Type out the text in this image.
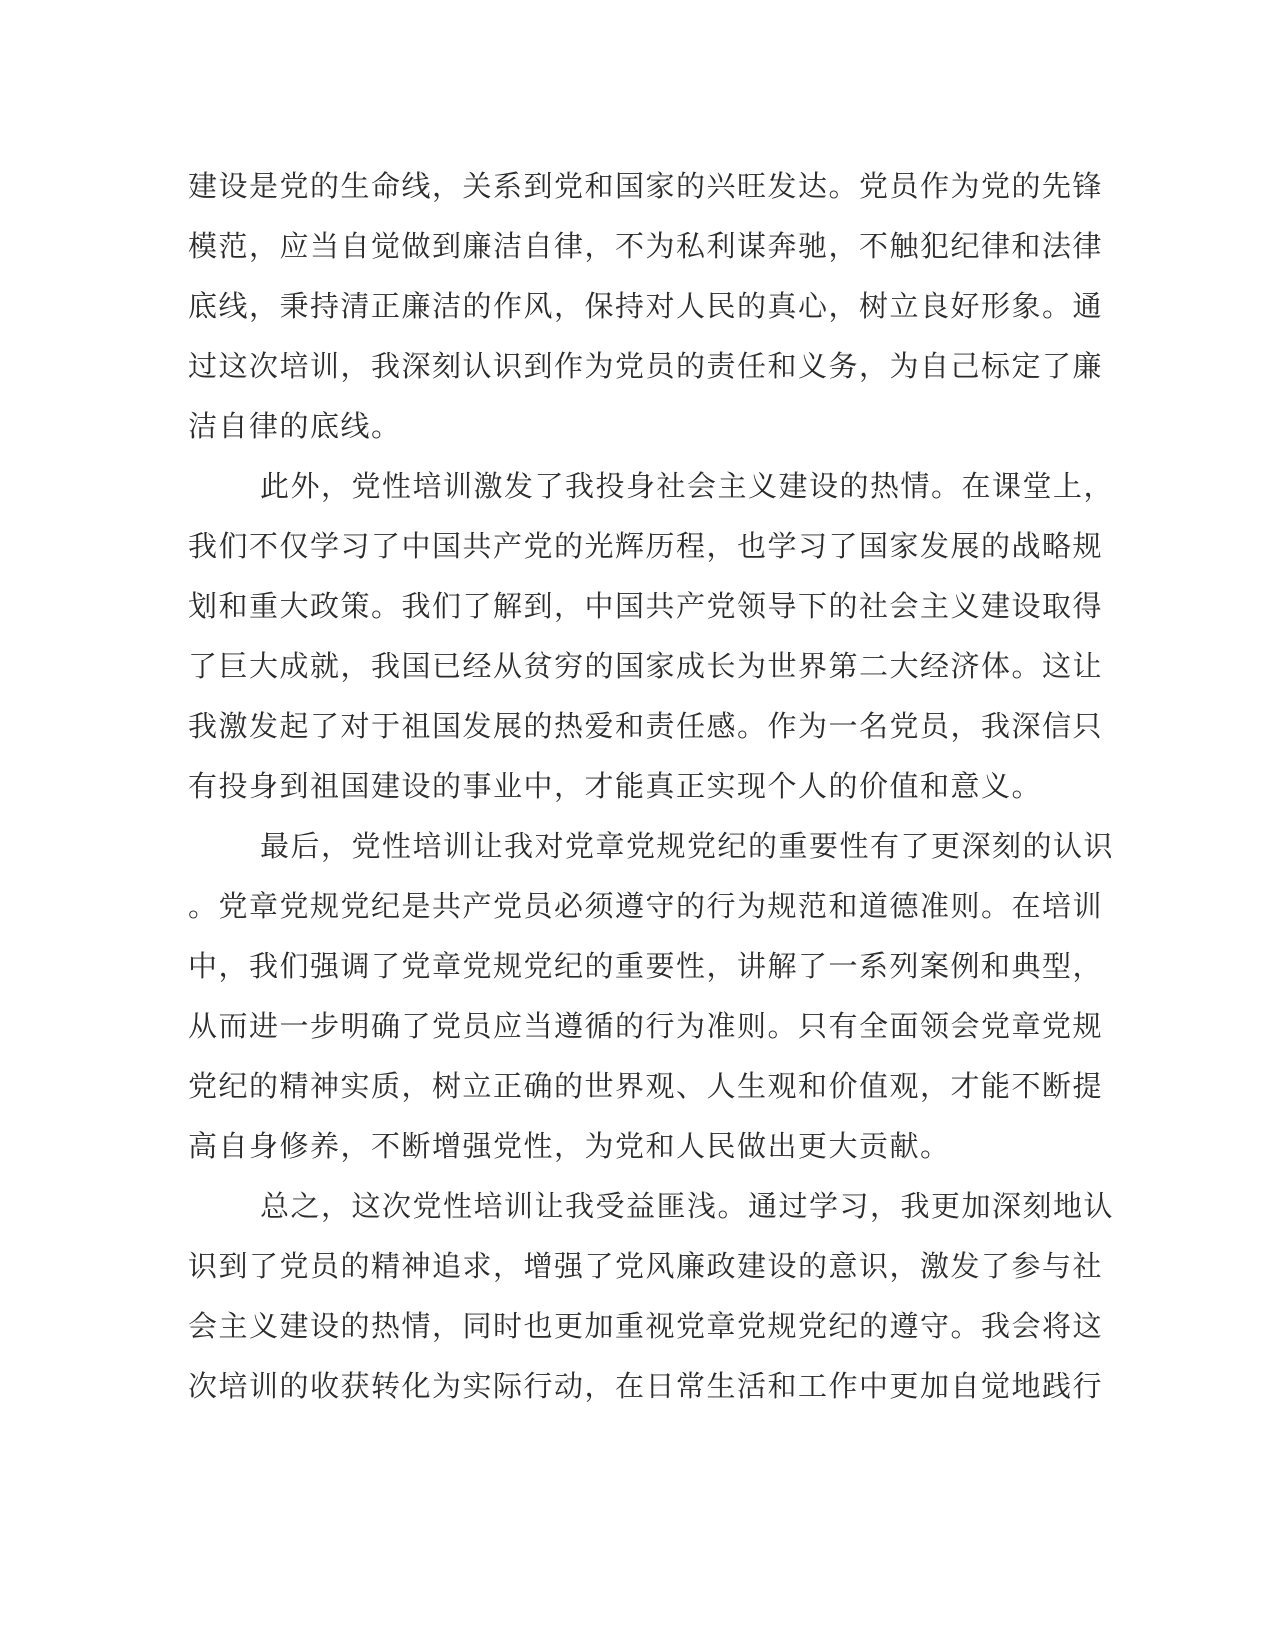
建设是党的生命线，关系到党和国家的兴旺发达。党员作为党的先锋
模范，应当自觉做到廉洁自律，不为私利谋奔驰，不触犯纪律和法律
底线，秉持清正廉洁的作风，保持对人民的真心，树立良好形象。通
过这次培训，我深刻认识到作为党员的责任和义务，为自己标定了廉
洁自律的底线。
此外，党性培训激发了我投身社会主义建设的热情。在课堂上，
我们不仅学习了中国共产党的光辉历程，也学习了国家发展的战略规
划和重大政策。我们了解到，中国共产党领导下的社会主义建设取得
了巨大成就，我国已经从贫穷的国家成长为世界第二大经济体。这让
我激发起了对于祖国发展的热爱和责任感。作为一名党员，我深信只
有投身到祖国建设的事业中，才能真正实现个人的价值和意义。
最后，党性培训让我对党章党规党纪的重要性有了更深刻的认识
。党章党规党纪是共产党员必须遵守的行为规范和道德准则。在培训
中，我们强调了党章党规党纪的重要性，讲解了一系列案例和典型，
从而进一步明确了党员应当遵循的行为准则。只有全面领会党章党规
党纪的精神实质，树立正确的世界观、人生观和价值观，才能不断提
高自身修养，不断增强党性，为党和人民做出更大贡献。
总之，这次党性培训让我受益匪浅。通过学习，我更加深刻地认
识到了党员的精神追求，增强了党风廉政建设的意识，激发了参与社
会主义建设的热情，同时也更加重视党章党规党纪的遵守。我会将这
次培训的收获转化为实际行动，在日常生活和工作中更加自觉地践行
